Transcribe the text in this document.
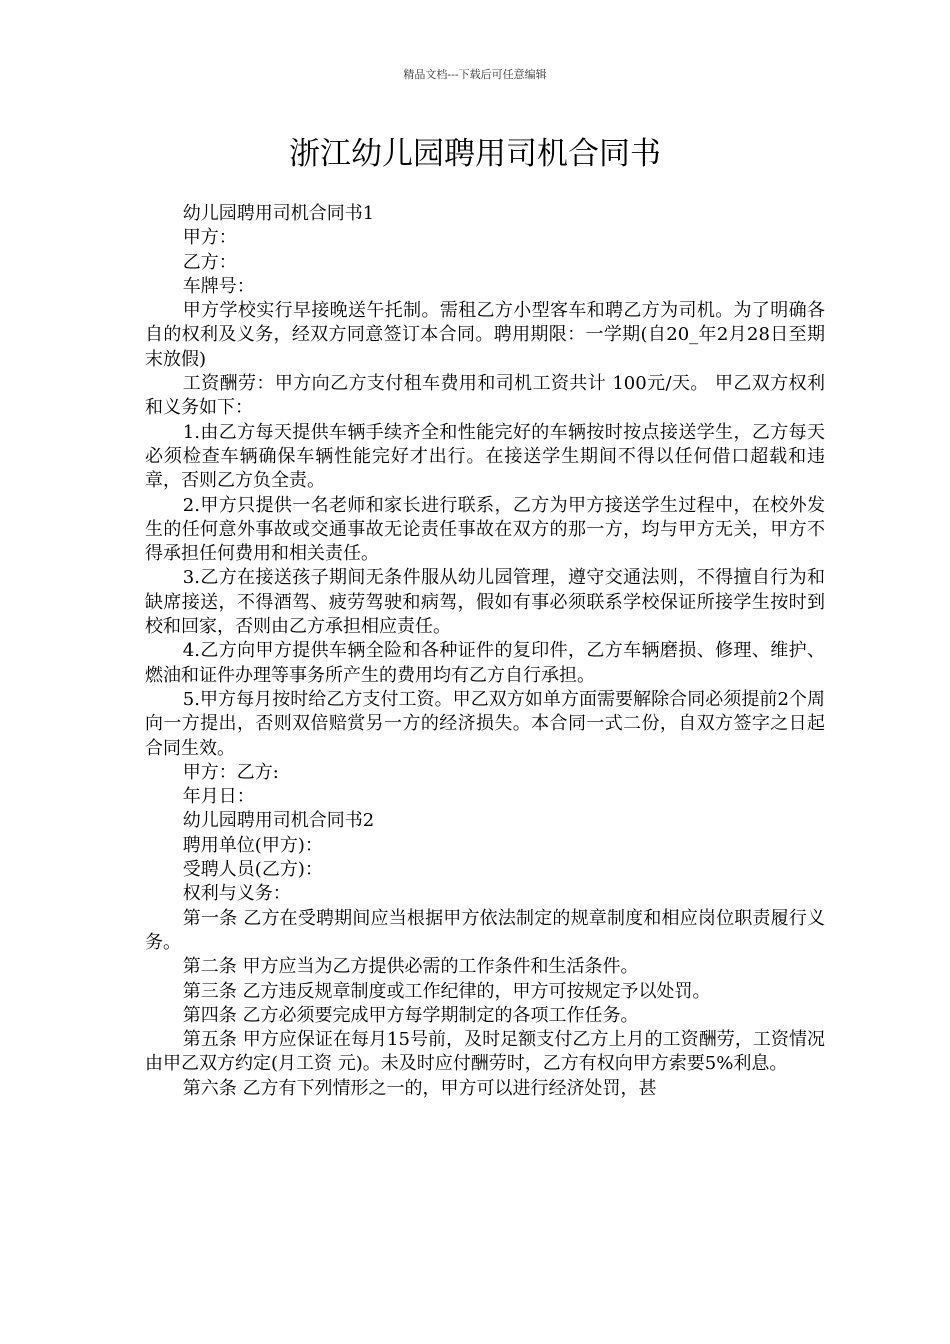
精品文档---下载后可任意编辑
浙江幼儿园聘用司机合同书

幼儿园聘用司机合同书1

甲方：

乙方：

车牌号：

甲方学校实行早接晚送午托制。需租乙方小型客车和聘乙方为司机。为了明确各自的权利及义务，经双方同意签订本合同。聘用期限：一学期(自20_年2月28日至期末放假)

工资酬劳：甲方向乙方支付租车费用和司机工资共计 100元/天。 甲乙双方权利和义务如下：

1.由乙方每天提供车辆手续齐全和性能完好的车辆按时按点接送学生，乙方每天必须检查车辆确保车辆性能完好才出行。在接送学生期间不得以任何借口超载和违章，否则乙方负全责。

2.甲方只提供一名老师和家长进行联系，乙方为甲方接送学生过程中，在校外发生的任何意外事故或交通事故无论责任事故在双方的那一方，均与甲方无关，甲方不得承担任何费用和相关责任。

3.乙方在接送孩子期间无条件服从幼儿园管理，遵守交通法则，不得擅自行为和缺席接送，不得酒驾、疲劳驾驶和病驾，假如有事必须联系学校保证所接学生按时到校和回家，否则由乙方承担相应责任。

4.乙方向甲方提供车辆全险和各种证件的复印件，乙方车辆磨损、修理、维护、燃油和证件办理等事务所产生的费用均有乙方自行承担。

5.甲方每月按时给乙方支付工资。甲乙双方如单方面需要解除合同必须提前2个周向一方提出，否则双倍赔赏另一方的经济损失。本合同一式二份，自双方签字之日起合同生效。

甲方：乙方:

年月日：

幼儿园聘用司机合同书2

聘用单位(甲方)：

受聘人员(乙方)：

权利与义务：

第一条 乙方在受聘期间应当根据甲方依法制定的规章制度和相应岗位职责履行义务。

第二条 甲方应当为乙方提供必需的工作条件和生活条件。

第三条 乙方违反规章制度或工作纪律的，甲方可按规定予以处罚。

第四条 乙方必须要完成甲方每学期制定的各项工作任务。

第五条 甲方应保证在每月15号前，及时足额支付乙方上月的工资酬劳，工资情况由甲乙双方约定(月工资 元)。未及时应付酬劳时，乙方有权向甲方索要5%利息。

第六条 乙方有下列情形之一的，甲方可以进行经济处罚，甚
